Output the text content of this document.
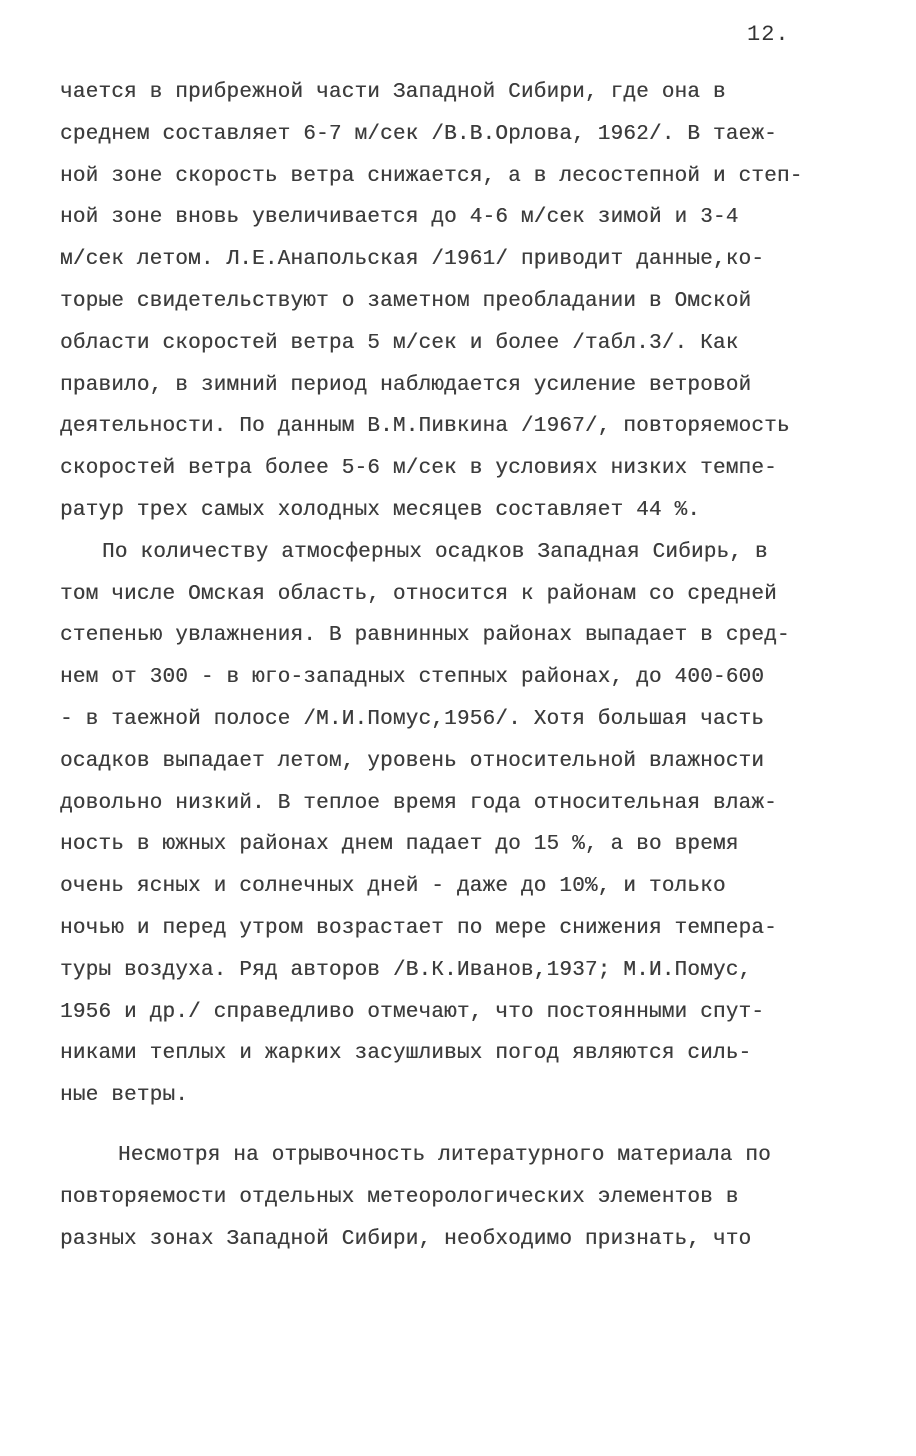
12.
чается в прибрежной части Западной Сибири, где она в
среднем составляет 6-7 м/сек /В.В.Орлова, 1962/. В таеж-
ной зоне скорость ветра снижается, а в лесостепной и степ-
ной зоне вновь увеличивается до 4-6 м/сек зимой и 3-4
м/сек летом. Л.Е.Анапольская /1961/ приводит данные,ко-
торые свидетельствуют о заметном преобладании в Омской
области скоростей ветра 5 м/сек и более /табл.3/. Как
правило, в зимний период наблюдается усиление ветровой
деятельности. По данным В.М.Пивкина /1967/, повторяемость
скоростей ветра более 5-6 м/сек в условиях низких темпе-
ратур трех самых холодных месяцев составляет 44 %.
По количеству атмосферных осадков Западная Сибирь, в
том числе Омская область, относится к районам со средней
степенью увлажнения. В равнинных районах выпадает в сред-
нем от 300 - в юго-западных степных районах, до 400-600
- в таежной полосе /М.И.Помус,1956/. Хотя большая часть
осадков выпадает летом, уровень относительной влажности
довольно низкий. В теплое время года относительная влаж-
ность в южных районах днем падает до 15 %, а во время
очень ясных и солнечных дней - даже до 10%, и только
ночью и перед утром возрастает по мере снижения темпера-
туры воздуха. Ряд авторов /В.К.Иванов,1937; М.И.Помус,
1956 и др./ справедливо отмечают, что постоянными спут-
никами теплых и жарких засушливых погод являются силь-
ные ветры.
Несмотря на отрывочность литературного материала по
повторяемости отдельных метеорологических элементов в
разных зонах Западной Сибири, необходимо признать, что
